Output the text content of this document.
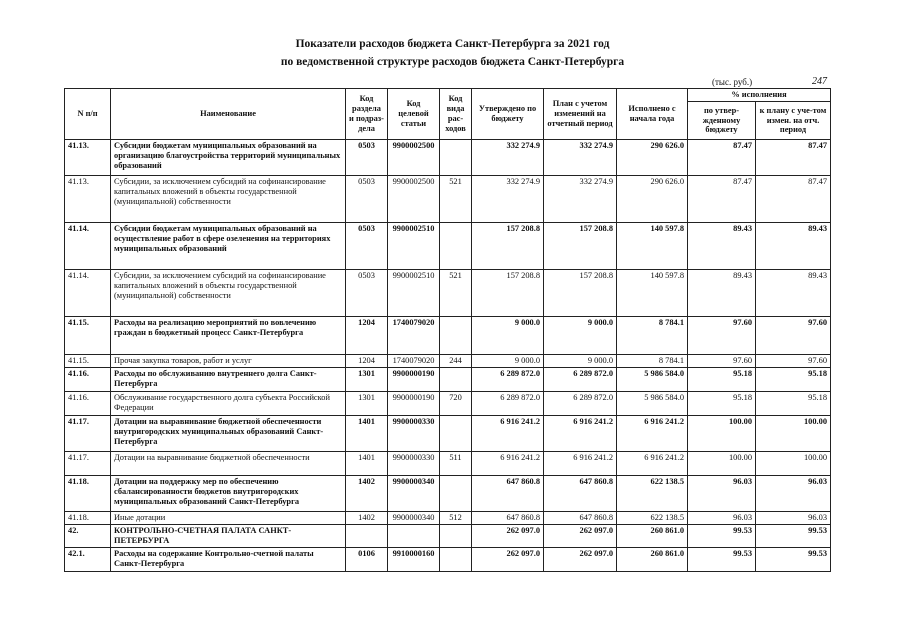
Показатели расходов бюджета Санкт-Петербурга за 2021 год
по ведомственной структуре расходов бюджета Санкт-Петербурга
(тыс. руб.)	247
N п/п	Наименование	Код раздела и подраз-дела	Код целевой статьи	Код вида рас-ходов	Утверждено по бюджету	План с учетом изменений на отчетный период	Исполнено с начала года	% исполнения	
								по утвер-жденному бюджету	к плану с уче-том измен. на отч. период
41.13.	Субсидии бюджетам муниципальных образований на организацию благоустройства территорий муниципальных образований	0503	9900002500		332 274.9	332 274.9	290 626.0	87.47	87.47
41.13.	Субсидии, за исключением субсидий на софинансирование капитальных вложений в объекты государственной (муниципальной) собственности	0503	9900002500	521	332 274.9	332 274.9	290 626.0	87.47	87.47
41.14.	Субсидии бюджетам муниципальных образований на осуществление работ в сфере озеленения на территориях муниципальных образований	0503	9900002510		157 208.8	157 208.8	140 597.8	89.43	89.43
41.14.	Субсидии, за исключением субсидий на софинансирование капитальных вложений в объекты государственной (муниципальной) собственности	0503	9900002510	521	157 208.8	157 208.8	140 597.8	89.43	89.43
41.15.	Расходы на реализацию мероприятий по вовлечению граждан в бюджетный процесс Санкт-Петербурга	1204	1740079020		9 000.0	9 000.0	8 784.1	97.60	97.60
41.15.	Прочая закупка товаров, работ и услуг	1204	1740079020	244	9 000.0	9 000.0	8 784.1	97.60	97.60
41.16.	Расходы по обслуживанию внутреннего долга Санкт-Петербурга	1301	9900000190		6 289 872.0	6 289 872.0	5 986 584.0	95.18	95.18
41.16.	Обслуживание государственного долга субъекта Российской Федерации	1301	9900000190	720	6 289 872.0	6 289 872.0	5 986 584.0	95.18	95.18
41.17.	Дотации на выравнивание бюджетной обеспеченности внутригородских муниципальных образований Санкт-Петербурга	1401	9900000330		6 916 241.2	6 916 241.2	6 916 241.2	100.00	100.00
41.17.	Дотации на выравнивание бюджетной обеспеченности	1401	9900000330	511	6 916 241.2	6 916 241.2	6 916 241.2	100.00	100.00
41.18.	Дотации на поддержку мер по обеспечению сбалансированности бюджетов внутригородских муниципальных образований Санкт-Петербурга	1402	9900000340		647 860.8	647 860.8	622 138.5	96.03	96.03
41.18.	Иные дотации	1402	9900000340	512	647 860.8	647 860.8	622 138.5	96.03	96.03
42.	КОНТРОЛЬНО-СЧЕТНАЯ ПАЛАТА САНКТ-ПЕТЕРБУРГА				262 097.0	262 097.0	260 861.0	99.53	99.53
42.1.	Расходы на содержание Контрольно-счетной палаты Санкт-Петербурга	0106	9910000160		262 097.0	262 097.0	260 861.0	99.53	99.53
